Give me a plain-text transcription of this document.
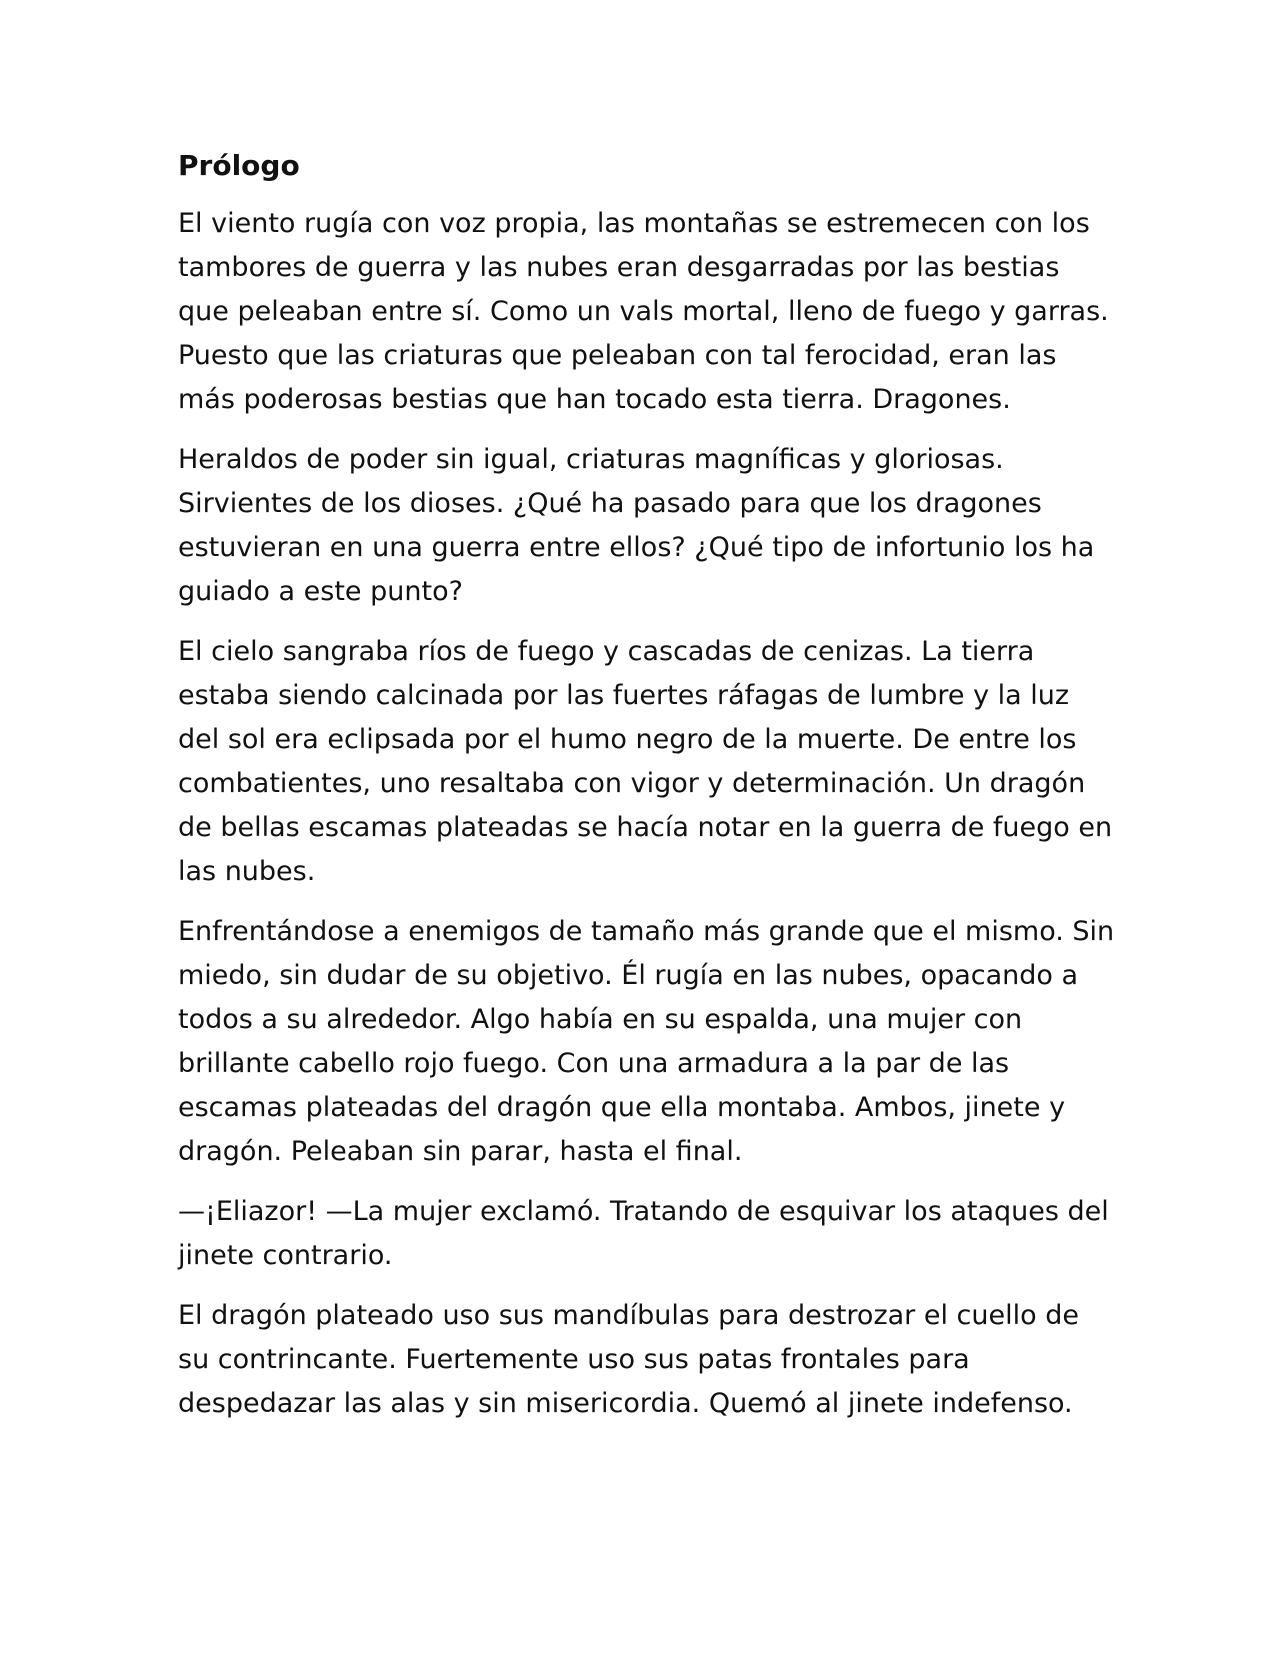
Prólogo

El viento rugía con voz propia, las montañas se estremecen con los tambores de guerra y las nubes eran desgarradas por las bestias que peleaban entre sí. Como un vals mortal, lleno de fuego y garras. Puesto que las criaturas que peleaban con tal ferocidad, eran las más poderosas bestias que han tocado esta tierra. Dragones.

Heraldos de poder sin igual, criaturas magníficas y gloriosas. Sirvientes de los dioses. ¿Qué ha pasado para que los dragones estuvieran en una guerra entre ellos? ¿Qué tipo de infortunio los ha guiado a este punto?

El cielo sangraba ríos de fuego y cascadas de cenizas. La tierra estaba siendo calcinada por las fuertes ráfagas de lumbre y la luz del sol era eclipsada por el humo negro de la muerte. De entre los combatientes, uno resaltaba con vigor y determinación. Un dragón de bellas escamas plateadas se hacía notar en la guerra de fuego en las nubes.

Enfrentándose a enemigos de tamaño más grande que el mismo. Sin miedo, sin dudar de su objetivo. Él rugía en las nubes, opacando a todos a su alrededor. Algo había en su espalda, una mujer con brillante cabello rojo fuego. Con una armadura a la par de las escamas plateadas del dragón que ella montaba. Ambos, jinete y dragón. Peleaban sin parar, hasta el final.

—¡Eliazor! —La mujer exclamó. Tratando de esquivar los ataques del jinete contrario.

El dragón plateado uso sus mandíbulas para destrozar el cuello de su contrincante. Fuertemente uso sus patas frontales para despedazar las alas y sin misericordia. Quemó al jinete indefenso.
